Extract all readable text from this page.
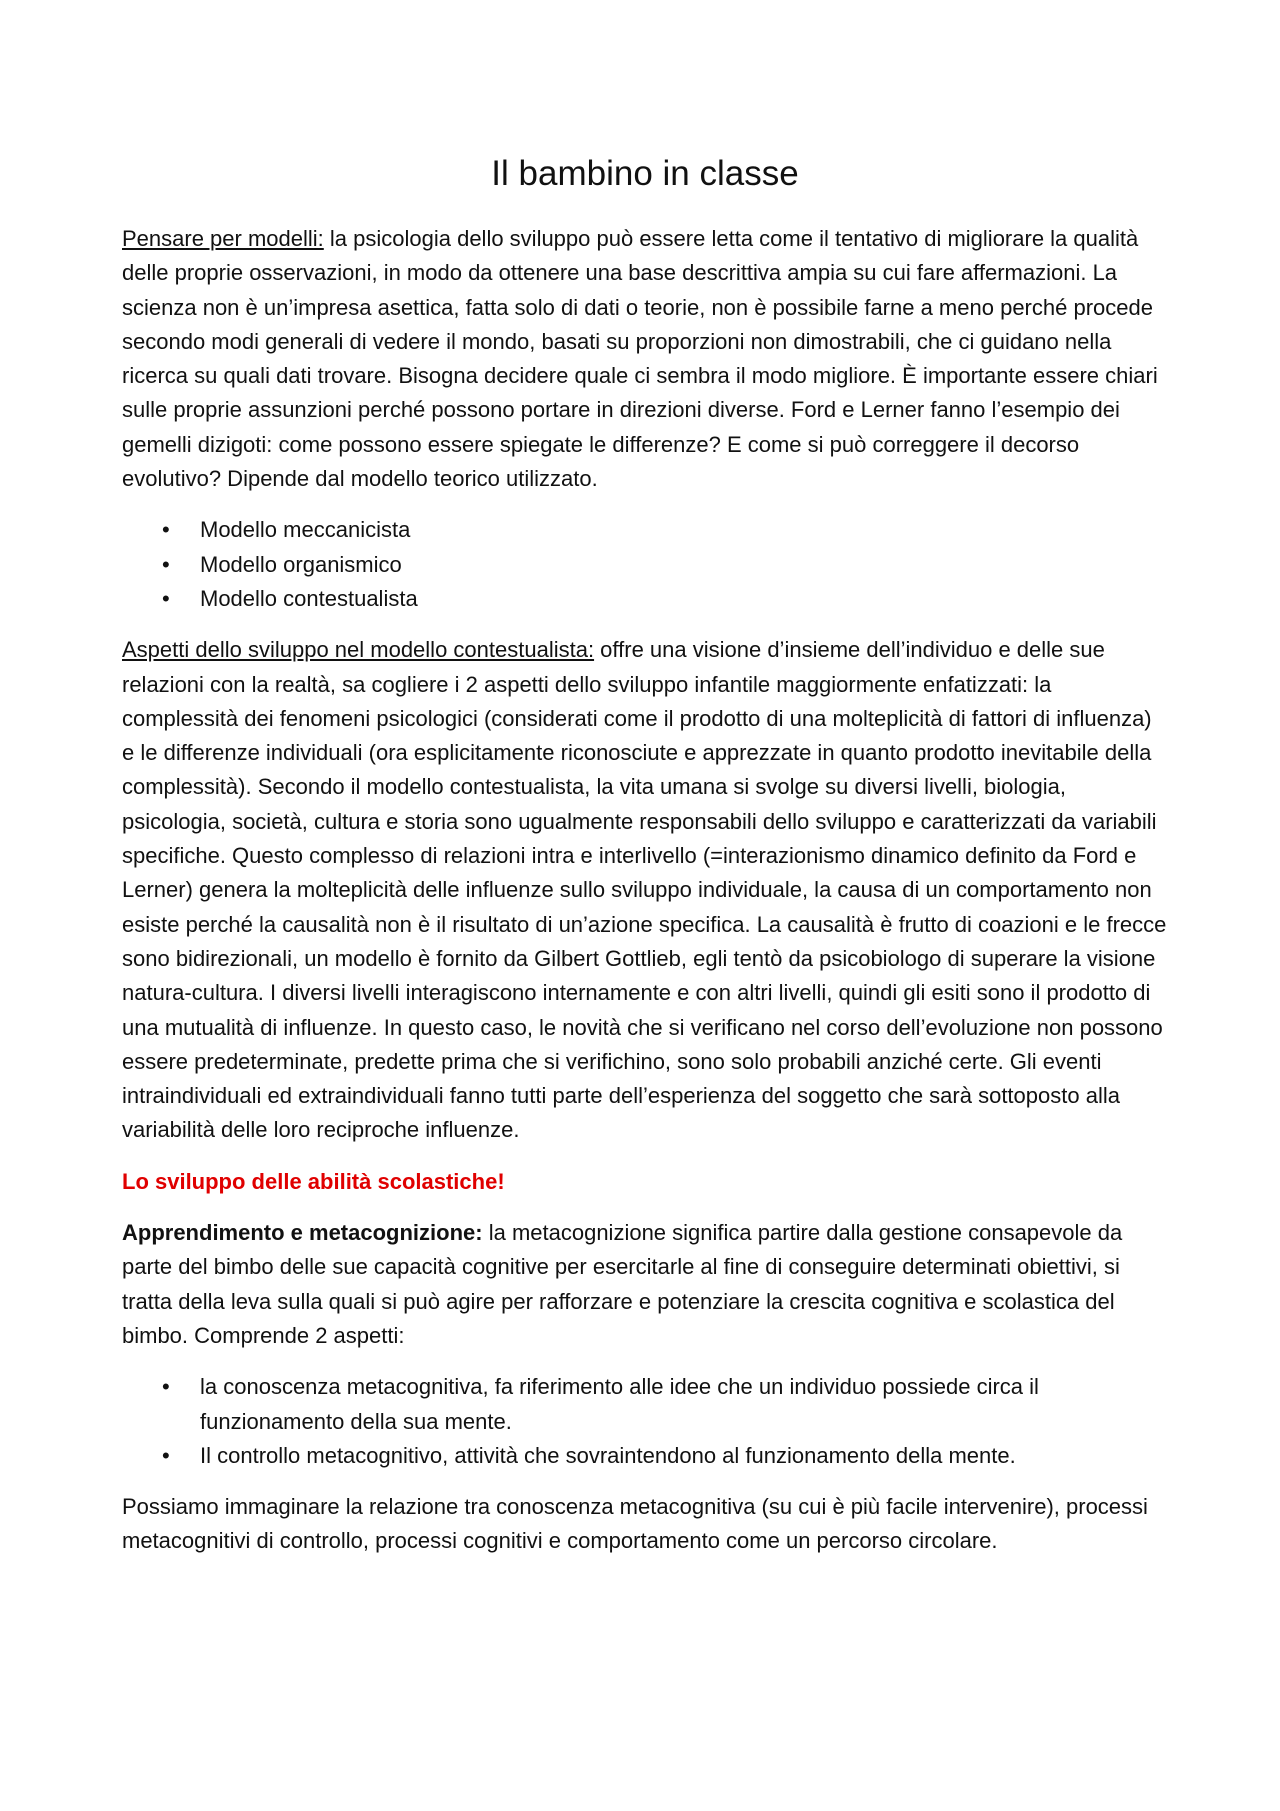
Il bambino in classe

Pensare per modelli: la psicologia dello sviluppo può essere letta come il tentativo di migliorare la qualità delle proprie osservazioni, in modo da ottenere una base descrittiva ampia su cui fare affermazioni. La scienza non è un’impresa asettica, fatta solo di dati o teorie, non è possibile farne a meno perché procede secondo modi generali di vedere il mondo, basati su proporzioni non dimostrabili, che ci guidano nella ricerca su quali dati trovare. Bisogna decidere quale ci sembra il modo migliore. È importante essere chiari sulle proprie assunzioni perché possono portare in direzioni diverse. Ford e Lerner fanno l’esempio dei gemelli dizigoti: come possono essere spiegate le differenze? E come si può correggere il decorso evolutivo? Dipende dal modello teorico utilizzato.

• Modello meccanicista
• Modello organismico
• Modello contestualista

Aspetti dello sviluppo nel modello contestualista: offre una visione d’insieme dell’individuo e delle sue relazioni con la realtà, sa cogliere i 2 aspetti dello sviluppo infantile maggiormente enfatizzati: la complessità dei fenomeni psicologici (considerati come il prodotto di una molteplicità di fattori di influenza) e le differenze individuali (ora esplicitamente riconosciute e apprezzate in quanto prodotto inevitabile della complessità). Secondo il modello contestualista, la vita umana si svolge su diversi livelli, biologia, psicologia, società, cultura e storia sono ugualmente responsabili dello sviluppo e caratterizzati da variabili specifiche. Questo complesso di relazioni intra e interlivello (=interazionismo dinamico definito da Ford e Lerner) genera la molteplicità delle influenze sullo sviluppo individuale, la causa di un comportamento non esiste perché la causalità non è il risultato di un’azione specifica. La causalità è frutto di coazioni e le frecce sono bidirezionali, un modello è fornito da Gilbert Gottlieb, egli tentò da psicobiologo di superare la visione natura-cultura. I diversi livelli interagiscono internamente e con altri livelli, quindi gli esiti sono il prodotto di una mutualità di influenze. In questo caso, le novità che si verificano nel corso dell’evoluzione non possono essere predeterminate, predette prima che si verifichino, sono solo probabili anziché certe. Gli eventi intraindividuali ed extraindividuali fanno tutti parte dell’esperienza del soggetto che sarà sottoposto alla variabilità delle loro reciproche influenze.

Lo sviluppo delle abilità scolastiche!

Apprendimento e metacognizione: la metacognizione significa partire dalla gestione consapevole da parte del bimbo delle sue capacità cognitive per esercitarle al fine di conseguire determinati obiettivi, si tratta della leva sulla quali si può agire per rafforzare e potenziare la crescita cognitiva e scolastica del bimbo. Comprende 2 aspetti:

• la conoscenza metacognitiva, fa riferimento alle idee che un individuo possiede circa il funzionamento della sua mente.
• Il controllo metacognitivo, attività che sovraintendono al funzionamento della mente.

Possiamo immaginare la relazione tra conoscenza metacognitiva (su cui è più facile intervenire), processi metacognitivi di controllo, processi cognitivi e comportamento come un percorso circolare.
